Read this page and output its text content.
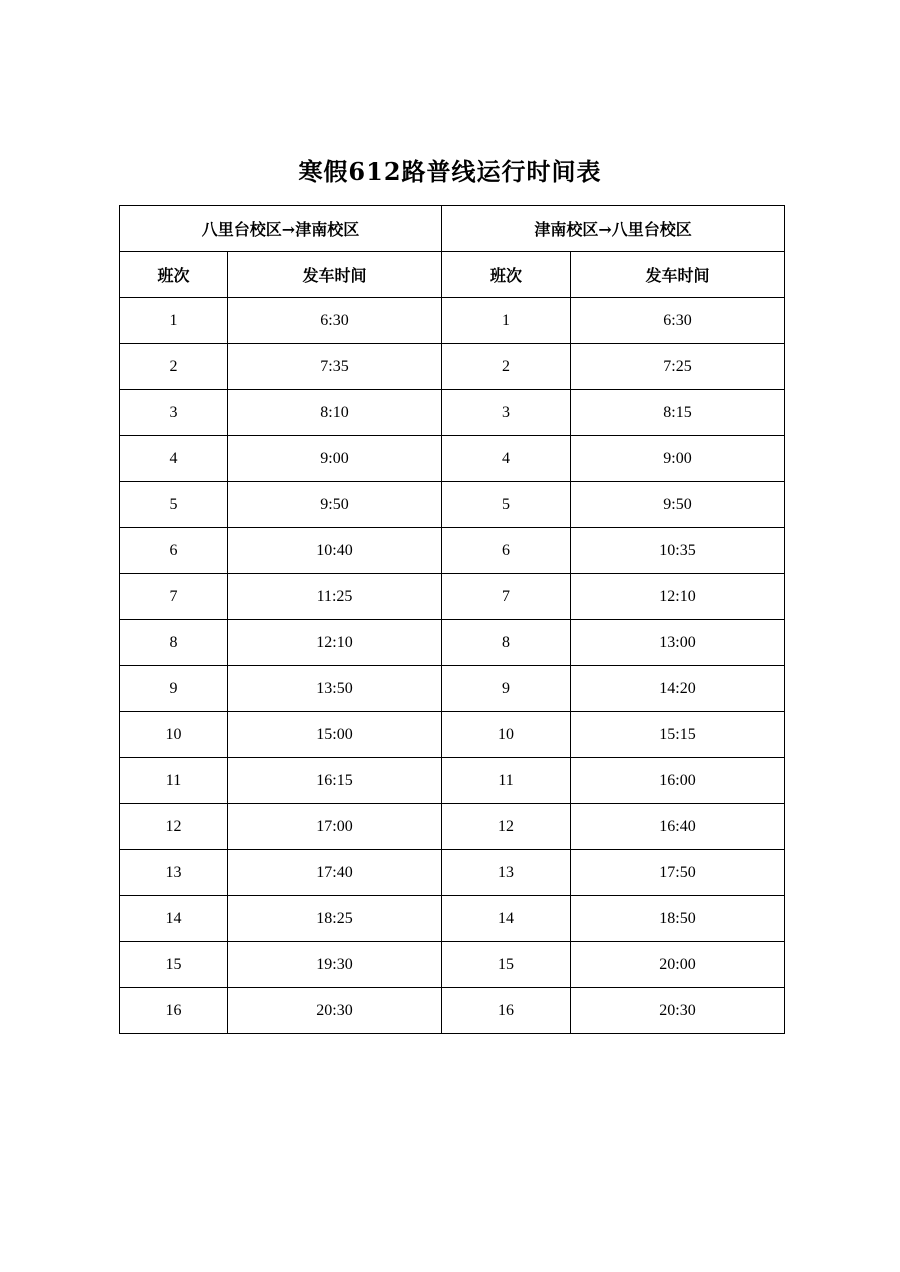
寒假612路普线运行时间表
八里台校区→津南校区		津南校区→八里台校区	
班次	发车时间	班次	发车时间
1	6:30	1	6:30
2	7:35	2	7:25
3	8:10	3	8:15
4	9:00	4	9:00
5	9:50	5	9:50
6	10:40	6	10:35
7	11:25	7	12:10
8	12:10	8	13:00
9	13:50	9	14:20
10	15:00	10	15:15
11	16:15	11	16:00
12	17:00	12	16:40
13	17:40	13	17:50
14	18:25	14	18:50
15	19:30	15	20:00
16	20:30	16	20:30
